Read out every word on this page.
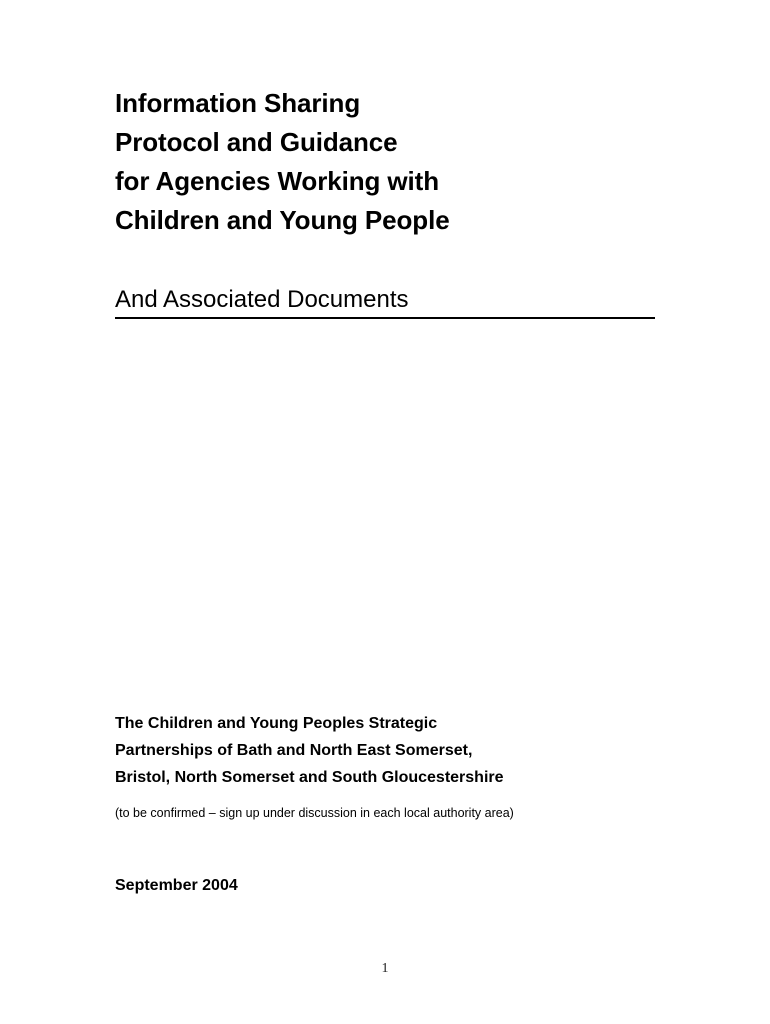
Information Sharing
Protocol and Guidance
for Agencies Working with
Children and Young People
And Associated Documents
The Children and Young Peoples Strategic
Partnerships of Bath and North East Somerset,
Bristol, North Somerset and South Gloucestershire
(to be confirmed – sign up under discussion in each local authority area)
September 2004
1
